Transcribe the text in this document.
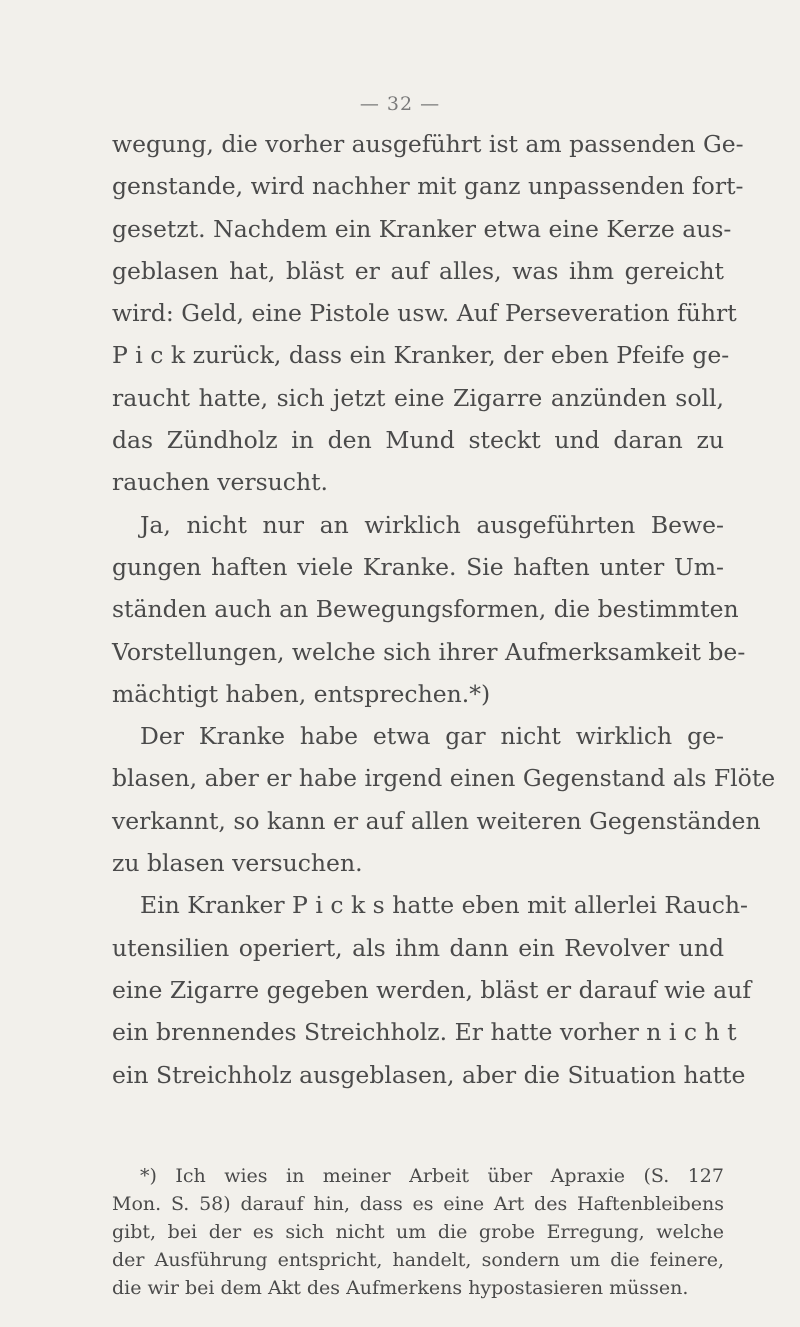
— 32 —
wegung, die vorher ausgeführt ist am passenden Ge-
genstande, wird nachher mit ganz unpassenden fort-
gesetzt. Nachdem ein Kranker etwa eine Kerze aus-
geblasen hat, bläst er auf alles, was ihm gereicht
wird: Geld, eine Pistole usw. Auf Perseveration führt
P i c k zurück, dass ein Kranker, der eben Pfeife ge-
raucht hatte, sich jetzt eine Zigarre anzünden soll,
das Zündholz in den Mund steckt und daran zu
rauchen versucht.
Ja, nicht nur an wirklich ausgeführten Bewe-
gungen haften viele Kranke. Sie haften unter Um-
ständen auch an Bewegungsformen, die bestimmten
Vorstellungen, welche sich ihrer Aufmerksamkeit be-
mächtigt haben, entsprechen.*)
Der Kranke habe etwa gar nicht wirklich ge-
blasen, aber er habe irgend einen Gegenstand als Flöte
verkannt, so kann er auf allen weiteren Gegenständen
zu blasen versuchen.
Ein Kranker P i c k s hatte eben mit allerlei Rauch-
utensilien operiert, als ihm dann ein Revolver und
eine Zigarre gegeben werden, bläst er darauf wie auf
ein brennendes Streichholz. Er hatte vorher n i c h t
ein Streichholz ausgeblasen, aber die Situation hatte
*) Ich wies in meiner Arbeit über Apraxie (S. 127
Mon. S. 58) darauf hin, dass es eine Art des Haftenbleibens
gibt, bei der es sich nicht um die grobe Erregung, welche
der Ausführung entspricht, handelt, sondern um die feinere,
die wir bei dem Akt des Aufmerkens hypostasieren müssen.
